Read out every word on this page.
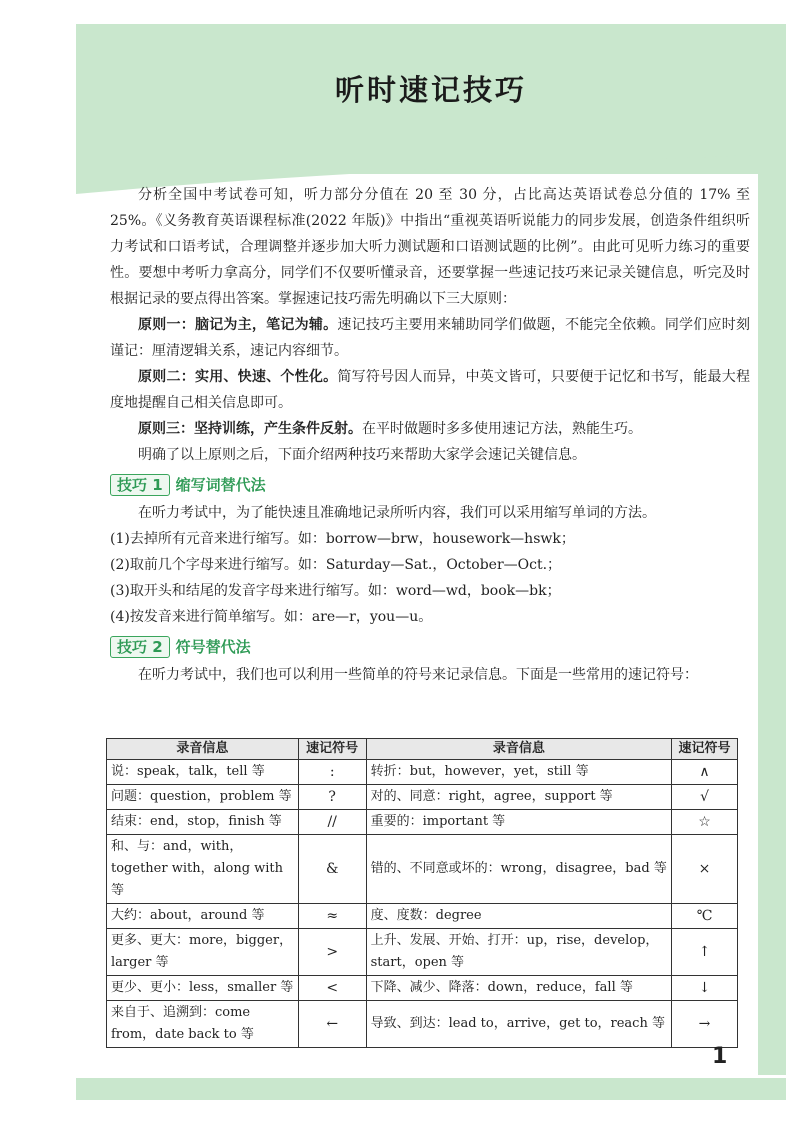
听时速记技巧

分析全国中考试卷可知，听力部分分值在 20 至 30 分，占比高达英语试卷总分值的 17% 至 25%。《义务教育英语课程标准(2022 年版)》中指出“重视英语听说能力的同步发展，创造条件组织听力考试和口语考试，合理调整并逐步加大听力测试题和口语测试题的比例”。由此可见听力练习的重要性。要想中考听力拿高分，同学们不仅要听懂录音，还要掌握一些速记技巧来记录关键信息，听完及时根据记录的要点得出答案。掌握速记技巧需先明确以下三大原则：

原则一：脑记为主，笔记为辅。速记技巧主要用来辅助同学们做题，不能完全依赖。同学们应时刻谨记：厘清逻辑关系，速记内容细节。

原则二：实用、快速、个性化。简写符号因人而异，中英文皆可，只要便于记忆和书写，能最大程度地提醒自己相关信息即可。

原则三：坚持训练，产生条件反射。在平时做题时多多使用速记方法，熟能生巧。

明确了以上原则之后，下面介绍两种技巧来帮助大家学会速记关键信息。

技巧 1 缩写词替代法

在听力考试中，为了能快速且准确地记录所听内容，我们可以采用缩写单词的方法。

(1)去掉所有元音来进行缩写。如：borrow—brw，housework—hswk；
(2)取前几个字母来进行缩写。如：Saturday—Sat.，October—Oct.；
(3)取开头和结尾的发音字母来进行缩写。如：word—wd，book—bk；
(4)按发音来进行简单缩写。如：are—r，you—u。
技巧 2 符号替代法

在听力考试中，我们也可以利用一些简单的符号来记录信息。下面是一些常用的速记符号：

录音信息	速记符号	录音信息	速记符号
说：speak，talk，tell 等	:	转折：but，however，yet，still 等	∧
问题：question，problem 等	?	对的、同意：right，agree，support 等	√
结束：end，stop，finish 等	//	重要的：important 等	☆
和、与：and，with，together with，along with 等	&	错的、不同意或坏的：wrong，disagree，bad 等	×
大约：about，around 等	≈	度、度数：degree	℃
更多、更大：more，bigger，larger 等	>	上升、发展、开始、打开：up，rise，develop，start，open 等	↑
更少、更小：less，smaller 等	<	下降、减少、降落：down，reduce，fall 等	↓
来自于、追溯到：come from，date back to 等	←	导致、到达：lead to，arrive，get to，reach 等	→
1
